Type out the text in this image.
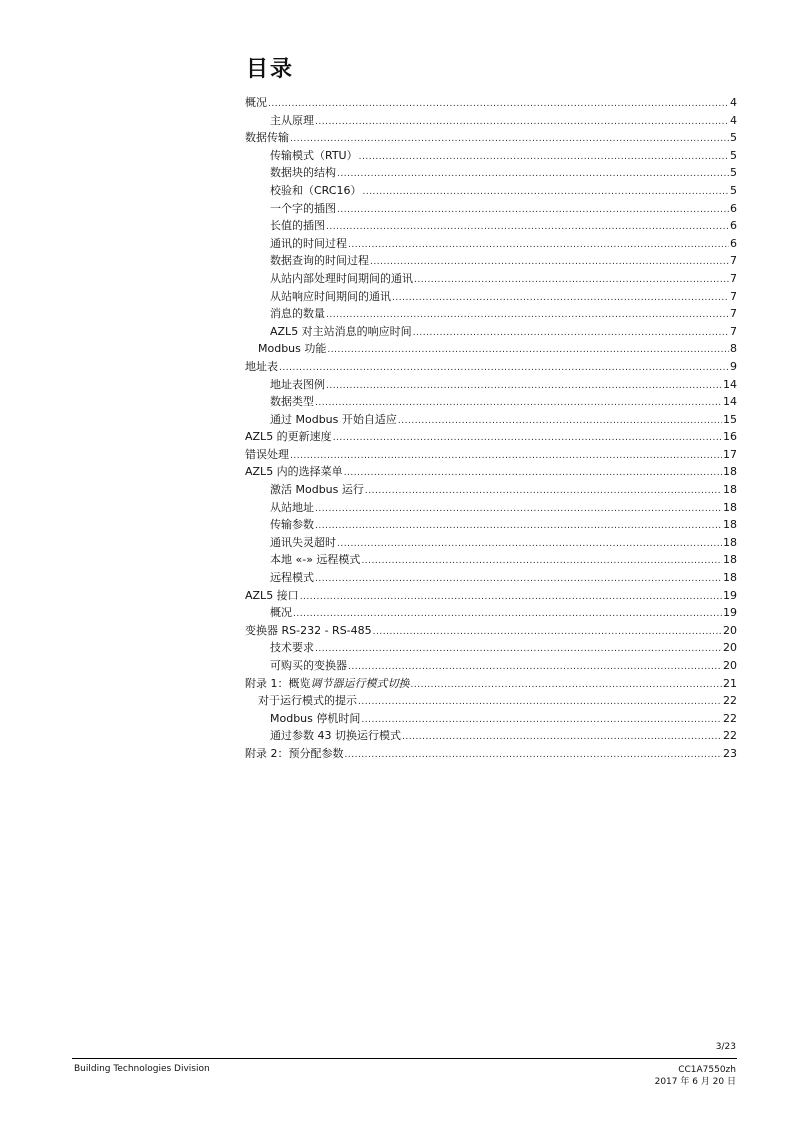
目录
概况 .....	4
主从原理 .....	4
数据传输 .....	5
传输模式（RTU） .....	5
数据块的结构 .....	5
校验和（CRC16） .....	5
一个字的插图 .....	6
长值的插图 .....	6
通讯的时间过程 .....	6
数据查询的时间过程 .....	7
从站内部处理时间期间的通讯 .....	7
从站响应时间期间的通讯 .....	7
消息的数量 .....	7
AZL5 对主站消息的响应时间 .....	7
Modbus 功能 .....	8
地址表 .....	9
地址表图例 .....	14
数据类型 .....	14
通过 Modbus 开始自适应 .....	15
AZL5 的更新速度 .....	16
错误处理 .....	17
AZL5 内的选择菜单 .....	18
激活 Modbus 运行 .....	18
从站地址 .....	18
传输参数 .....	18
通讯失灵超时 .....	18
本地 «-» 远程模式 .....	18
远程模式 .....	18
AZL5 接口 .....	19
概况 .....	19
变换器 RS-232 - RS-485 .....	20
技术要求 .....	20
可购买的变换器 .....	20
附录 1：概览调节器运行模式切换 .....	21
对于运行模式的提示 .....	22
Modbus 停机时间 .....	22
通过参数 43 切换运行模式 .....	22
附录 2：预分配参数 .....	23
3/23
Building Technologies Division	CC1A7550zh
2017 年 6 月 20 日
